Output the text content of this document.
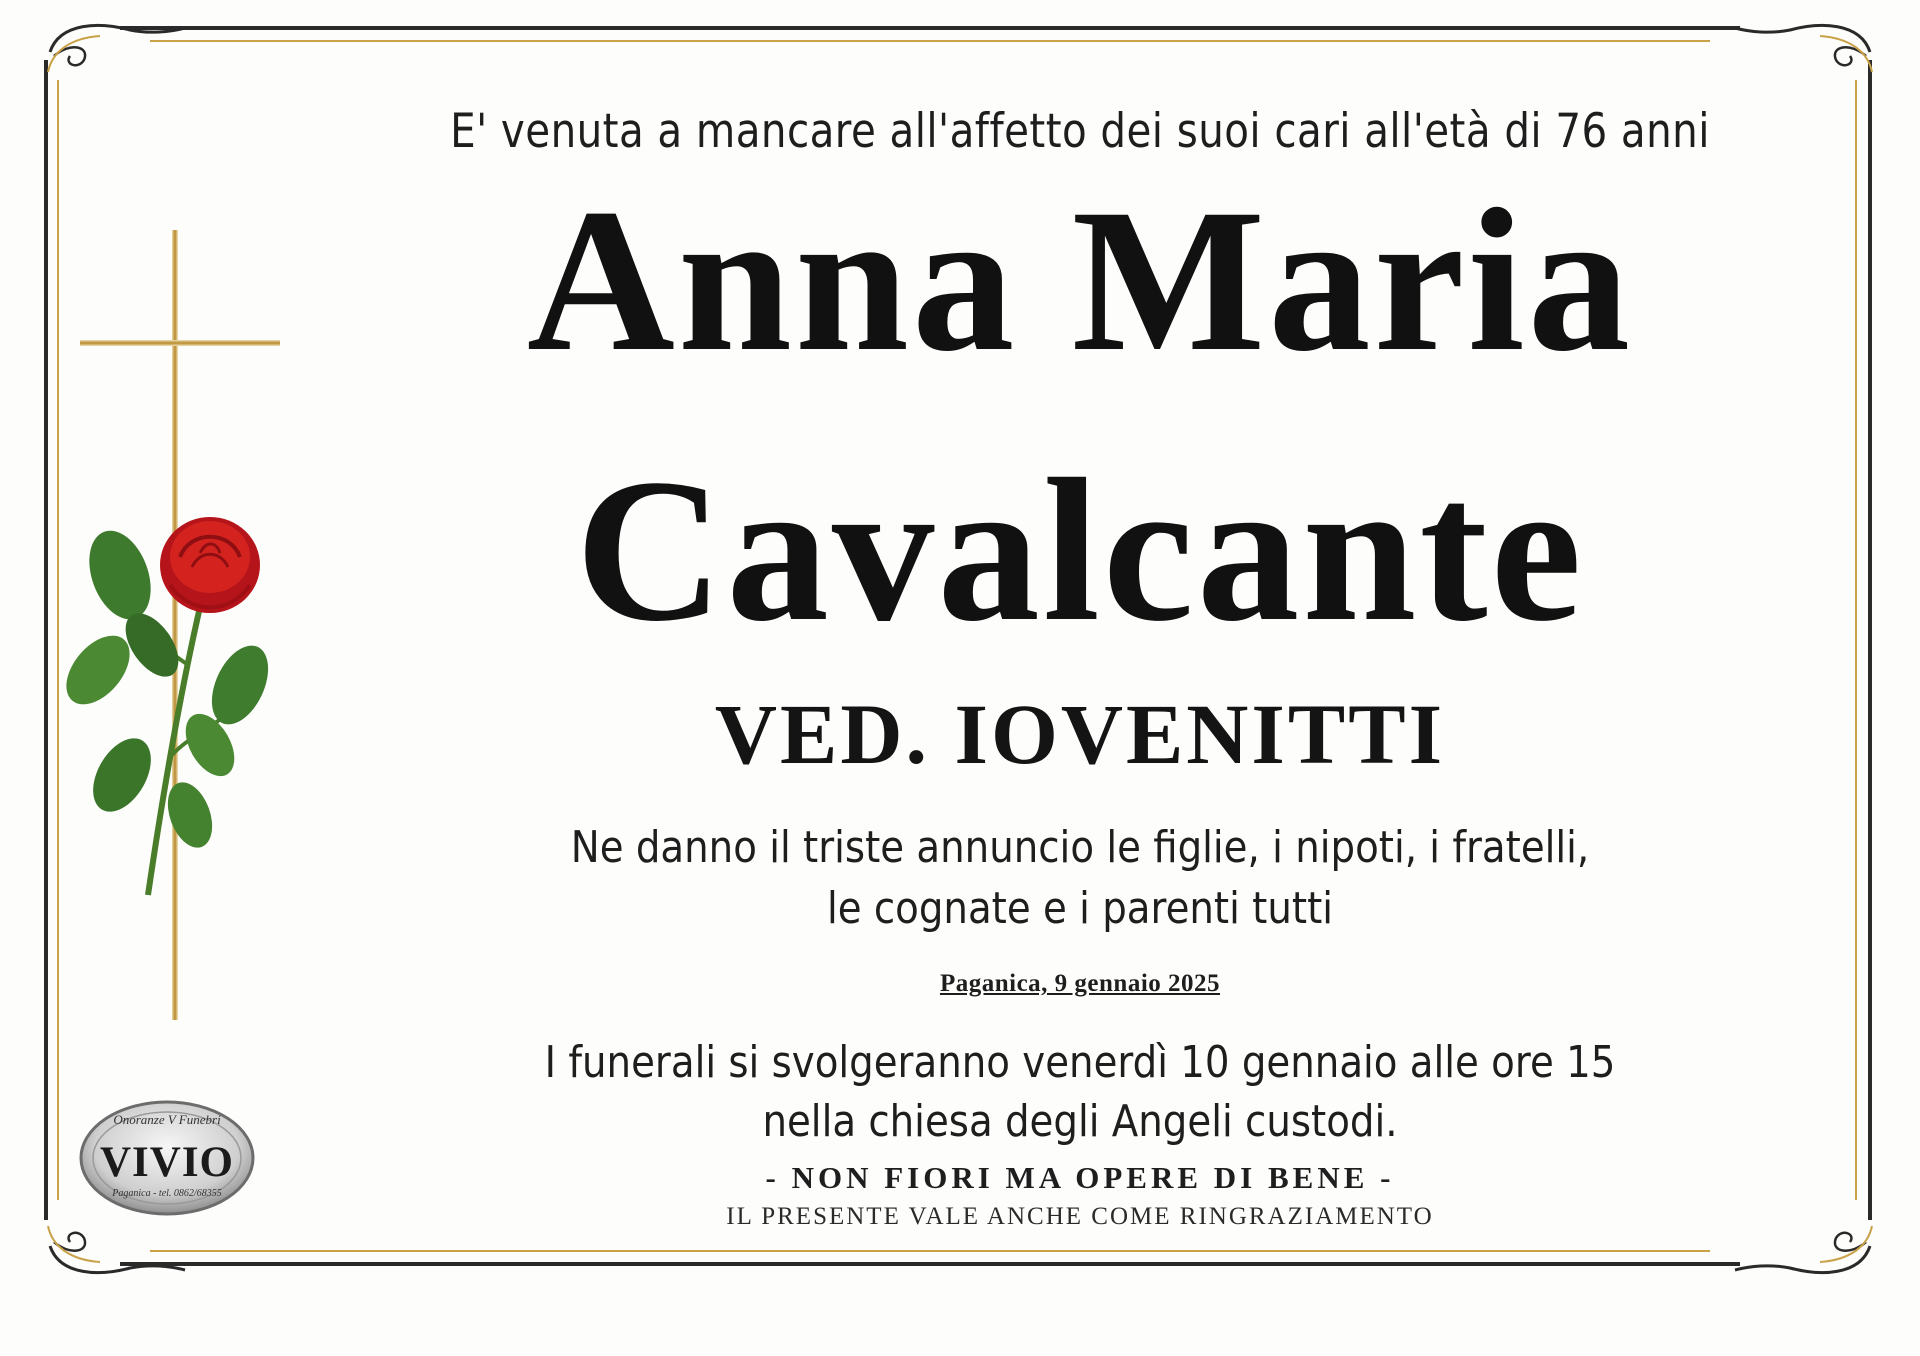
E' venuta a mancare all'affetto dei suoi cari all'età di 76 anni
Anna Maria
Cavalcante
VED. IOVENITTI
Ne danno il triste annuncio le figlie, i nipoti, i fratelli,
le cognate e i parenti tutti
Paganica, 9 gennaio 2025
I funerali si svolgeranno venerdì 10 gennaio alle ore 15
nella chiesa degli Angeli custodi.
- NON FIORI MA OPERE DI BENE -
IL PRESENTE VALE ANCHE COME RINGRAZIAMENTO
Onoranze V Funebri
VIVIO
Paganica - tel. 0862/68355
